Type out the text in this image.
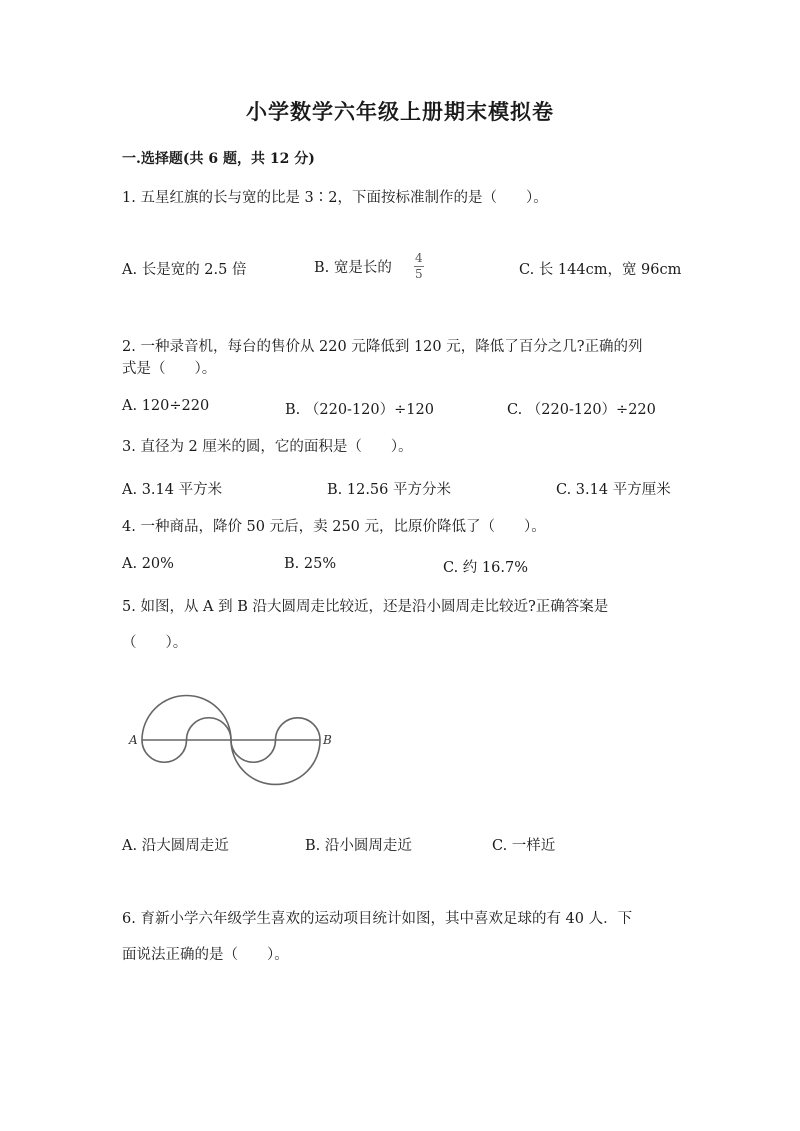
小学数学六年级上册期末模拟卷
一.选择题(共 6 题，共 12 分)
1. 五星红旗的长与宽的比是 3∶2，下面按标准制作的是（　　）。
A. 长是宽的 2.5 倍	B. 宽是长的 $\frac{4}{5}$	C. 长 144cm，宽 96cm
2. 一种录音机，每台的售价从 220 元降低到 120 元，降低了百分之几?正确的列
式是（　　）。
A. 120÷220	B. （220-120）÷120	C. （220-120）÷220
3. 直径为 2 厘米的圆，它的面积是（　　）。
A. 3.14 平方米	B. 12.56 平方分米	C. 3.14 平方厘米
4. 一种商品，降价 50 元后，卖 250 元，比原价降低了（　　）。
A. 20%	B. 25%	C. 约 16.7%
5. 如图，从 A 到 B 沿大圆周走比较近，还是沿小圆周走比较近?正确答案是
（　　）。
A	B
A. 沿大圆周走近	B. 沿小圆周走近	C. 一样近
6. 育新小学六年级学生喜欢的运动项目统计如图，其中喜欢足球的有 40 人．下
面说法正确的是（　　）。
